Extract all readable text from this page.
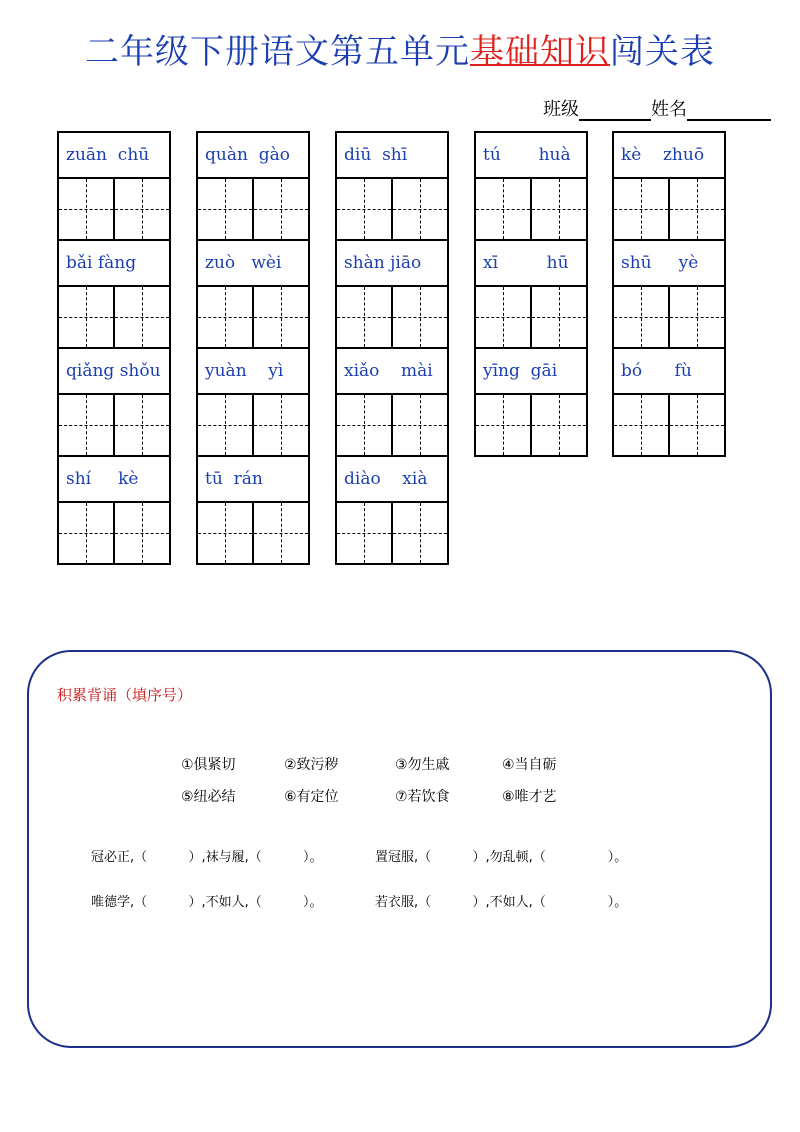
二年级下册语文第五单元基础知识闯关表
班级	姓名
zuān  chū
bǎi fàng
qiǎng shǒu
shí     kè
quàn  gào
zuò   wèi
yuàn    yì
tū  rán
diū  shī
shàn jiāo
xiǎo    mài
diào    xià
tú       huà
xī         hū
yīng  gāi
kè    zhuō
shū     yè
bó      fù
积累背诵（填序号）
①俱紧切	②致污秽	③勿生戚	④当自砺
⑤纽必结	⑥有定位	⑦若饮食	⑧唯才艺
冠必正,（          ）,袜与履,（          ）。	置冠服,（          ）,勿乱顿,（               ）。
唯德学,（          ）,不如人,（          ）。	若衣服,（          ）,不如人,（               ）。
